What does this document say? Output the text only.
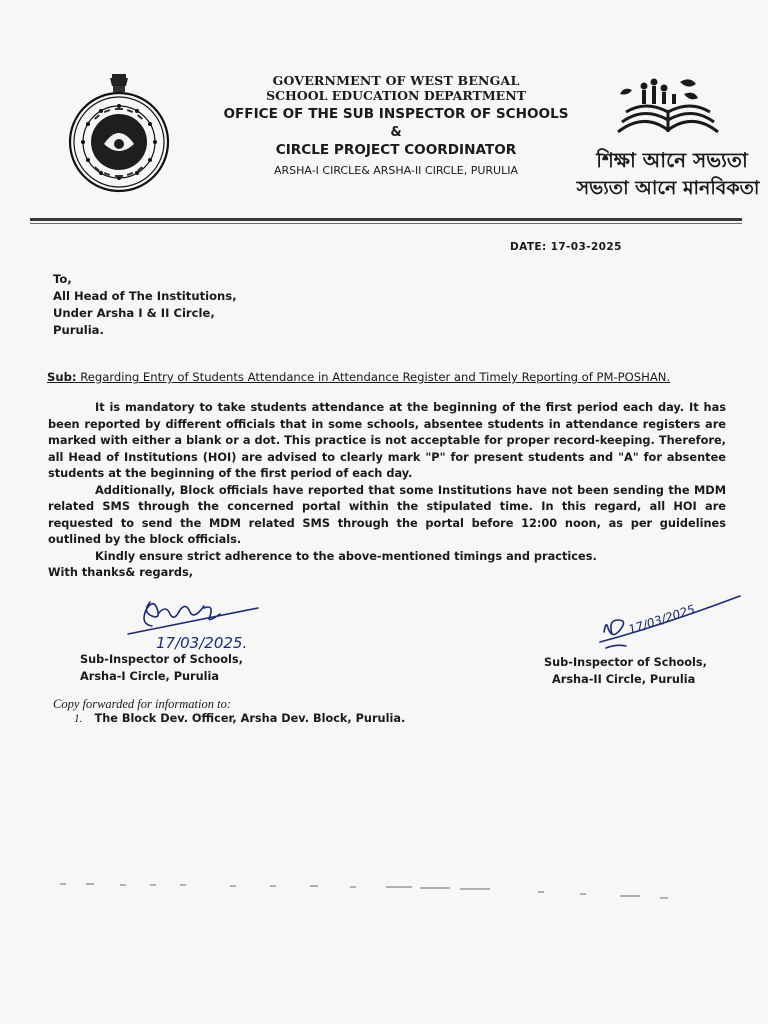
GOVERNMENT OF WEST BENGAL
SCHOOL EDUCATION DEPARTMENT
OFFICE OF THE SUB INSPECTOR OF SCHOOLS
&
CIRCLE PROJECT COORDINATOR
ARSHA-I CIRCLE& ARSHA-II CIRCLE, PURULIA	শিক্ষা আনে সভ্যতা
সভ্যতা আনে মানবিকতা
DATE: 17-03-2025
To,
All Head of The Institutions,
Under Arsha I & II Circle,
Purulia.
Sub: Regarding Entry of Students Attendance in Attendance Register and Timely Reporting of PM-POSHAN.

It is mandatory to take students attendance at the beginning of the first period each day. It has been reported by different officials that in some schools, absentee students in attendance registers are marked with either a blank or a dot. This practice is not acceptable for proper record-keeping. Therefore, all Head of Institutions (HOI) are advised to clearly mark "P" for present students and "A" for absentee students at the beginning of the first period of each day.

Additionally, Block officials have reported that some Institutions have not been sending the MDM related SMS through the concerned portal within the stipulated time. In this regard, all HOI are requested to send the MDM related SMS through the portal before 12:00 noon, as per guidelines outlined by the block officials.

Kindly ensure strict adherence to the above-mentioned timings and practices.

With thanks& regards,

17/03/2025.
Sub-Inspector of Schools,
Arsha-I Circle, Purulia
17/03/2025
Sub-Inspector of Schools,
Arsha-II Circle, Purulia
Copy forwarded for information to:
1. The Block Dev. Officer, Arsha Dev. Block, Purulia.
